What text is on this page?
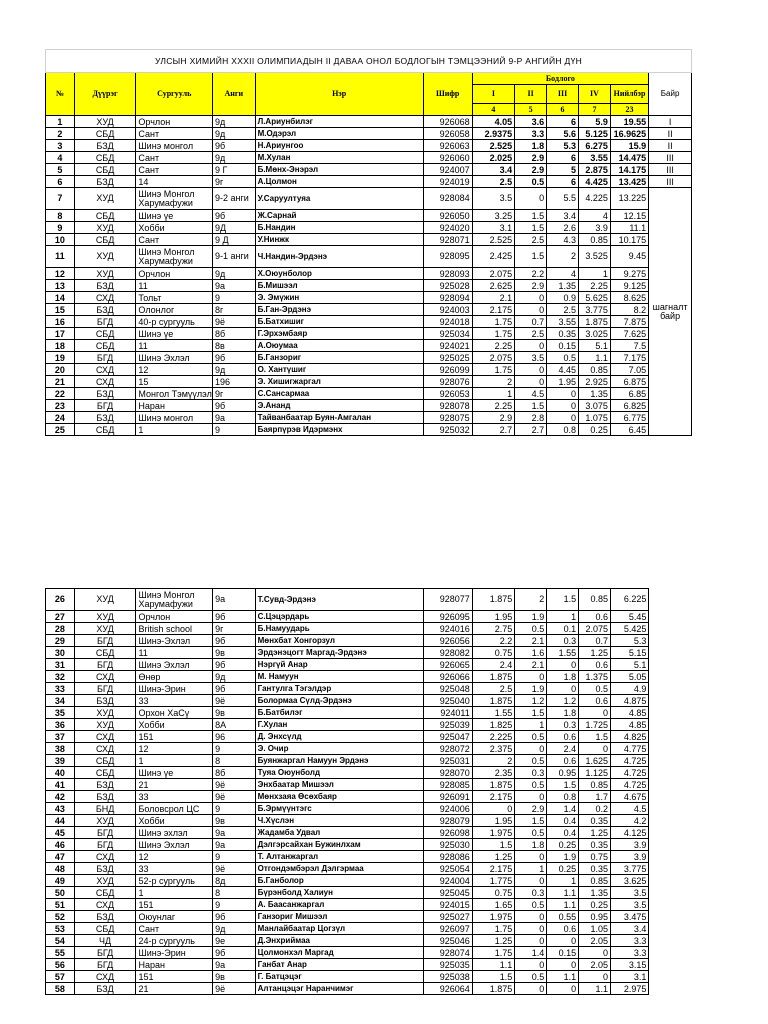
УЛСЫН ХИМИЙН XXXII ОЛИМПИАДЫН II ДАВАА ОНОЛ БОДЛОГЫН ТЭМЦЭЭНИЙ 9-Р АНГИЙН ДҮН											
№	Дүүрэг	Сургууль	Анги	Нэр	Шифр	Бодлого					Байр
						I	II	III	IV	Нийлбэр	
						4	5	6	7	23	
1	ХУД	Орчлон	9д	Л.Ариунбилэг	926068	4.05	3.6	6	5.9	19.55	I
2	СБД	Сант	9д	М.Одэрэл	926058	2.9375	3.3	5.6	5.125	16.9625	II
3	БЗД	Шинэ монгол	9б	Н.Ариунгоо	926063	2.525	1.8	5.3	6.275	15.9	II
4	СБД	Сант	9д	М.Хулан	926060	2.025	2.9	6	3.55	14.475	III
5	СБД	Сант	9 Г	Б.Мөнх-Энэрэл	924007	3.4	2.9	5	2.875	14.175	III
6	БЗД	14	9г	А.Цолмон	924019	2.5	0.5	6	4.425	13.425	III
7	ХУД	Шинэ Монгол Харумафужи	9-2 анги	У.Саруултуяа	928084	3.5	0	5.5	4.225	13.225	шагналт байр
8	СБД	Шинэ үе	9б	Ж.Сарнай	926050	3.25	1.5	3.4	4	12.15	
9	ХУД	Хобби	9Д	Б.Нандин	924020	3.1	1.5	2.6	3.9	11.1	
10	СБД	Сант	9 Д	У.Нинжк	928071	2.525	2.5	4.3	0.85	10.175	
11	ХУД	Шинэ Монгол Харумафужи	9-1 анги	Ч.Нандин-Эрдэнэ	928095	2.425	1.5	2	3.525	9.45	
12	ХУД	Орчлон	9д	Х.Оюунболор	928093	2.075	2.2	4	1	9.275	
13	БЗД	11	9а	Б.Мишээл	925028	2.625	2.9	1.35	2.25	9.125	
14	СХД	Тольт	9	Э. Эмүжин	928094	2.1	0	0.9	5.625	8.625	
15	БЗД	Олонлог	8г	Б.Ган-Эрдэнэ	924003	2.175	0	2.5	3.775	8.2	
16	БГД	40-р сургууль	9ё	Б.Батхишиг	924018	1.75	0.7	3.55	1.875	7.875	
17	СБД	Шинэ үе	8б	Г.Эрхэмбаяр	925034	1.75	2.5	0.35	3.025	7.625	
18	СБД	11	8в	А.Оюумаа	924021	2.25	0	0.15	5.1	7.5	
19	БГД	Шинэ Эхлэл	9б	Б.Ганзориг	925025	2.075	3.5	0.5	1.1	7.175	
20	СХД	12	9д	О. Хантүшиг	926099	1.75	0	4.45	0.85	7.05	
21	СХД	15	196	Э. Хишигжаргал	928076	2	0	1.95	2.925	6.875	
22	БЗД	Монгол Тэмүүлэл	9г	С.Сансармаа	926053	1	4.5	0	1.35	6.85	
23	БГД	Наран	9б	Э.Ананд	928078	2.25	1.5	0	3.075	6.825	
24	БЗД	Шинэ монгол	9а	Тайванбаатар Буян-Амгалан	928075	2.9	2.8	0	1.075	6.775	
25	СБД	1	9	Баярпүрэв Идэрмэнх	925032	2.7	2.7	0.8	0.25	6.45	
26	ХУД	Шинэ Монгол Харумафужи	9а	Т.Сувд-Эрдэнэ	928077	1.875	2	1.5	0.85	6.225	
27	ХУД	Орчлон	9б	С.Цэцэрдарь	926095	1.95	1.9	1	0.6	5.45	
28	ХУД	British school	9г	Б.Намуударь	924016	2.75	0.5	0.1	2.075	5.425	
29	БГД	Шинэ-Эхлэл	9б	Мөнхбат Хонгорзул	926056	2.2	2.1	0.3	0.7	5.3	
30	СБД	11	9в	Эрдэнэцогт Маргад-Эрдэнэ	928082	0.75	1.6	1.55	1.25	5.15	
31	БГД	Шинэ Эхлэл	9б	Нэргүй Анар	926065	2.4	2.1	0	0.6	5.1	
32	СХД	Өнөр	9д	М. Намуун	926066	1.875	0	1.8	1.375	5.05	
33	БГД	Шинэ-Эрин	9б	Гантулга Тэгэлдэр	925048	2.5	1.9	0	0.5	4.9	
34	БЗД	33	9ё	Болормаа Сүлд-Эрдэнэ	925040	1.875	1.2	1.2	0.6	4.875	
35	ХУД	Орхон ХаСү	9в	Б.Батбилэг	924011	1.55	1.5	1.8	0	4.85	
36	ХУД	Хобби	8А	Г.Хулан	925039	1.825	1	0.3	1.725	4.85	
37	СХД	151	96	Д. Энхсүлд	925047	2.225	0.5	0.6	1.5	4.825	
38	СХД	12	9	Э. Очир	928072	2.375	0	2.4	0	4.775	
39	СБД	1	8	Буянжаргал Намуун Эрдэнэ	925031	2	0.5	0.6	1.625	4.725	
40	СБД	Шинэ үе	8б	Туяа Оюунболд	928070	2.35	0.3	0.95	1.125	4.725	
41	БЗД	21	9ё	Энхбаатар Мишээл	928085	1.875	0.5	1.5	0.85	4.725	
42	БЗД	33	9ё	Мөнхзаяа Өсөхбаяр	926091	2.175	0	0.8	1.7	4.675	
43	БНД	Боловсрол ЦС	9	Б.Эрмүүнтэгс	924006	0	2.9	1.4	0.2	4.5	
44	ХУД	Хобби	9в	Ч.Хүслэн	928079	1.95	1.5	0.4	0.35	4.2	
45	БГД	Шинэ эхлэл	9а	Жадамба Удвал	926098	1.975	0.5	0.4	1.25	4.125	
46	БГД	Шинэ Эхлэл	9а	Дэлгэрсайхан Бужинлхам	925030	1.5	1.8	0.25	0.35	3.9	
47	СХД	12	9	Т. Алтанжаргал	928086	1.25	0	1.9	0.75	3.9	
48	БЗД	33	9ё	Отгондэмбэрэл Дэлгэрмаа	925054	2.175	1	0.25	0.35	3.775	
49	ХУД	52-р сургууль	8д	Б.Ганболор	924004	1.775	0	1	0.85	3.625	
50	СБД	1	8	Бүрэнболд Халиун	925045	0.75	0.3	1.1	1.35	3.5	
51	СХД	151	9	А. Баасанжаргал	924015	1.65	0.5	1.1	0.25	3.5	
52	БЗД	Оюунлаг	9б	Ганзориг Мишээл	925027	1.975	0	0.55	0.95	3.475	
53	СБД	Сант	9д	Манлайбаатар Цогзүл	926097	1.75	0	0.6	1.05	3.4	
54	ЧД	24-р сургууль	9е	Д.Энхриймаа	925046	1.25	0	0	2.05	3.3	
55	БГД	Шинэ-Эрин	9б	Цолмонхэл Маргад	928074	1.75	1.4	0.15	0	3.3	
56	БГД	Наран	9а	Ганбат Анар	925035	1.1	0	0	2.05	3.15	
57	СХД	151	9в	Г. Батцэцэг	925038	1.5	0.5	1.1	0	3.1	
58	БЗД	21	9ё	Алтанцэцэг Наранчимэг	926064	1.875	0	0	1.1	2.975	
